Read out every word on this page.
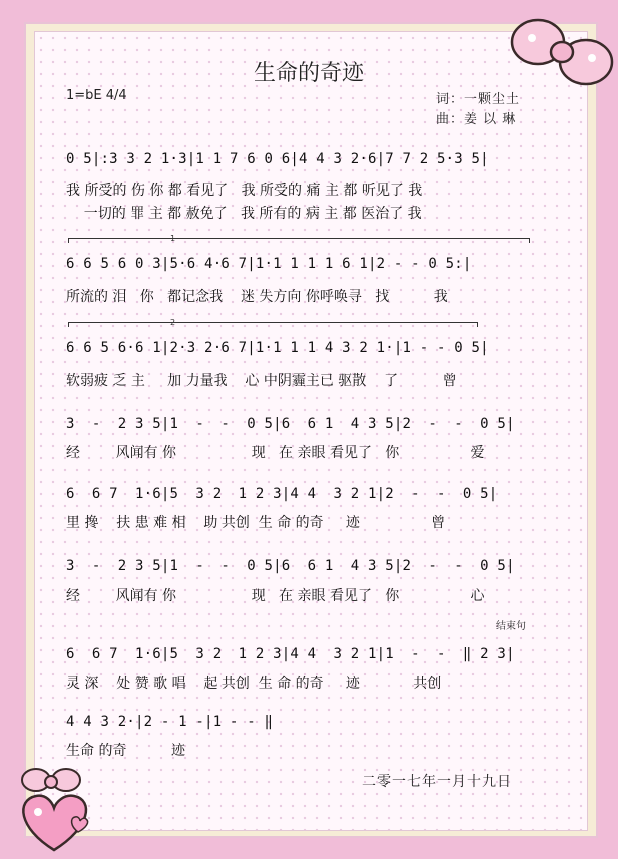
生命的奇迹
1=bE 4/4	词：一颗尘土
曲：姜 以 琳
0 5|:3 3 2 1·3|1 1 7 6 0 6|4 4 3 2·6|7 7 2 5·3 5|
我 所受的 伤 你 都 看见了   我 所受的 痛 主 都 听见了 我
一切的 罪 主 都 赦免了   我 所有的 病 主 都 医治了 我
1
6 6 5 6 0 3|5·6 4·6 7|1·1 1 1 1 6 1|2 - - 0 5:|
所流的 泪   你   都记念我    迷 失方向 你呼唤寻   找          我
2
6 6 5 6·6 1|2·3 2·6 7|1·1 1 1 4 3 2 1·|1 - - 0 5|
软弱疲 乏 主     加 力量我    心 中阴霾主已 驱散    了          曾
3  -  2 3 5|1  -  -  0 5|6  6 1  4 3 5|2  -  -  0 5|
经        风闻有 你                 现   在 亲眼 看见了   你                爱
6  6 7  1·6|5  3 2  1 2 3|4 4  3 2 1|2  -  -  0 5|
里 搀    扶 患 难 相    助 共创  生 命 的奇     迹                曾
3  -  2 3 5|1  -  -  0 5|6  6 1  4 3 5|2  -  -  0 5|
经        风闻有 你                 现   在 亲眼 看见了   你                心
结束句
6  6 7  1·6|5  3 2  1 2 3|4 4  3 2 1|1  -  -  ‖ 2 3|
灵 深    处 赞 歌 唱    起 共创  生 命 的奇     迹            共创
4 4 3 2·|2 - 1 -|1 - - ‖
生命 的奇          迹
二零一七年一月十九日
